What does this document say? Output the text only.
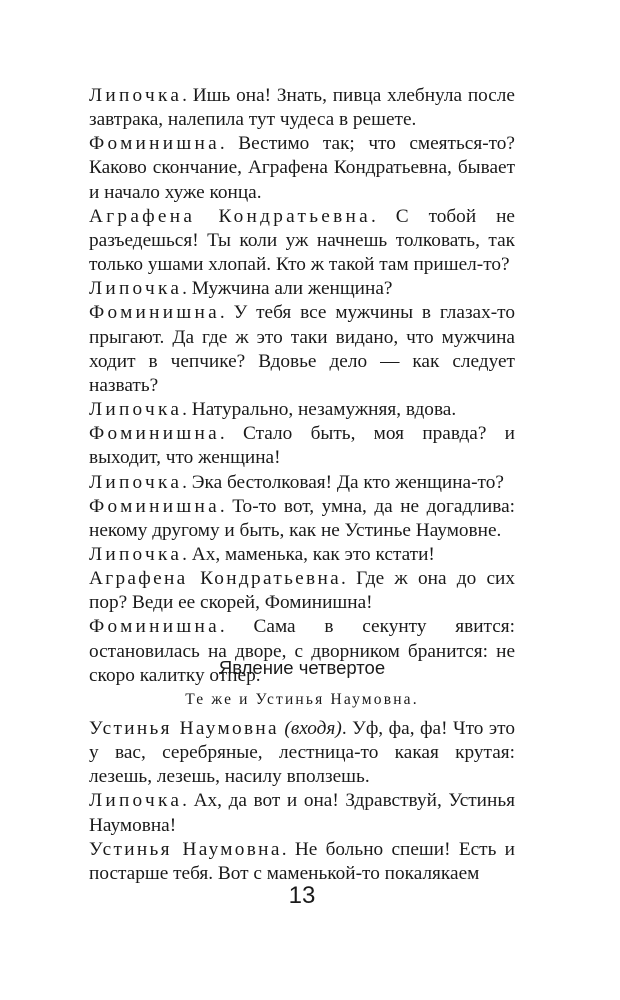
Липочка. Ишь она! Знать, пивца хлебнула после завтрака, налепила тут чудеса в решете.

Фоминишна. Вестимо так; что смеяться-то? Каково скончание, Аграфена Кондратьевна, бывает и начало хуже конца.

Аграфена Кондратьевна. С тобой не разъедешься! Ты коли уж начнешь толковать, так только ушами хлопай. Кто ж такой там пришел-то?

Липочка. Мужчина али женщина?

Фоминишна. У тебя все мужчины в глазах-то прыгают. Да где ж это таки видано, что мужчина ходит в чепчике? Вдовье дело — как следует назвать?

Липочка. Натурально, незамужняя, вдова.

Фоминишна. Стало быть, моя правда? и выходит, что женщина!

Липочка. Эка бестолковая! Да кто женщина-то?

Фоминишна. То-то вот, умна, да не догадлива: некому другому и быть, как не Устинье Наумовне.

Липочка. Ах, маменька, как это кстати!

Аграфена Кондратьевна. Где ж она до сих пор? Веди ее скорей, Фоминишна!

Фоминишна. Сама в секунту явится: остановилась на дворе, с дворником бранится: не скоро калитку отпер.

Явление четвертое
Те же и Устинья Наумовна.

Устинья Наумовна (входя). Уф, фа, фа! Что это у вас, серебряные, лестница-то какая крутая: лезешь, лезешь, насилу вползешь.

Липочка. Ах, да вот и она! Здравствуй, Устинья Наумовна!

Устинья Наумовна. Не больно спеши! Есть и постарше тебя. Вот с маменькой-то покалякаем

13
